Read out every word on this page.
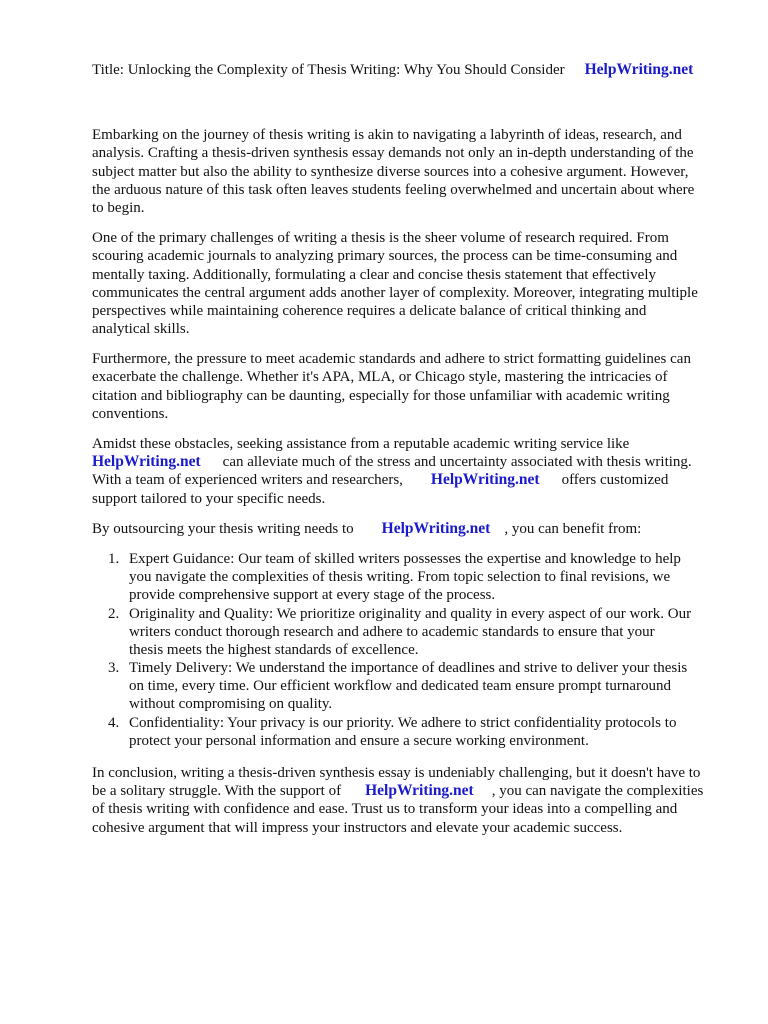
Title: Unlocking the Complexity of Thesis Writing: Why You Should Consider HelpWriting.net
Embarking on the journey of thesis writing is akin to navigating a labyrinth of ideas, research, and
analysis. Crafting a thesis-driven synthesis essay demands not only an in-depth understanding of the
subject matter but also the ability to synthesize diverse sources into a cohesive argument. However,
the arduous nature of this task often leaves students feeling overwhelmed and uncertain about where
to begin.
One of the primary challenges of writing a thesis is the sheer volume of research required. From
scouring academic journals to analyzing primary sources, the process can be time-consuming and
mentally taxing. Additionally, formulating a clear and concise thesis statement that effectively
communicates the central argument adds another layer of complexity. Moreover, integrating multiple
perspectives while maintaining coherence requires a delicate balance of critical thinking and
analytical skills.
Furthermore, the pressure to meet academic standards and adhere to strict formatting guidelines can
exacerbate the challenge. Whether it's APA, MLA, or Chicago style, mastering the intricacies of
citation and bibliography can be daunting, especially for those unfamiliar with academic writing
conventions.
Amidst these obstacles, seeking assistance from a reputable academic writing service like
HelpWriting.net can alleviate much of the stress and uncertainty associated with thesis writing.
With a team of experienced writers and researchers, HelpWriting.net offers customized
support tailored to your specific needs.
By outsourcing your thesis writing needs to HelpWriting.net , you can benefit from:
1. Expert Guidance: Our team of skilled writers possesses the expertise and knowledge to help
you navigate the complexities of thesis writing. From topic selection to final revisions, we
provide comprehensive support at every stage of the process.
2. Originality and Quality: We prioritize originality and quality in every aspect of our work. Our
writers conduct thorough research and adhere to academic standards to ensure that your
thesis meets the highest standards of excellence.
3. Timely Delivery: We understand the importance of deadlines and strive to deliver your thesis
on time, every time. Our efficient workflow and dedicated team ensure prompt turnaround
without compromising on quality.
4. Confidentiality: Your privacy is our priority. We adhere to strict confidentiality protocols to
protect your personal information and ensure a secure working environment.
In conclusion, writing a thesis-driven synthesis essay is undeniably challenging, but it doesn't have to
be a solitary struggle. With the support of HelpWriting.net , you can navigate the complexities
of thesis writing with confidence and ease. Trust us to transform your ideas into a compelling and
cohesive argument that will impress your instructors and elevate your academic success.
